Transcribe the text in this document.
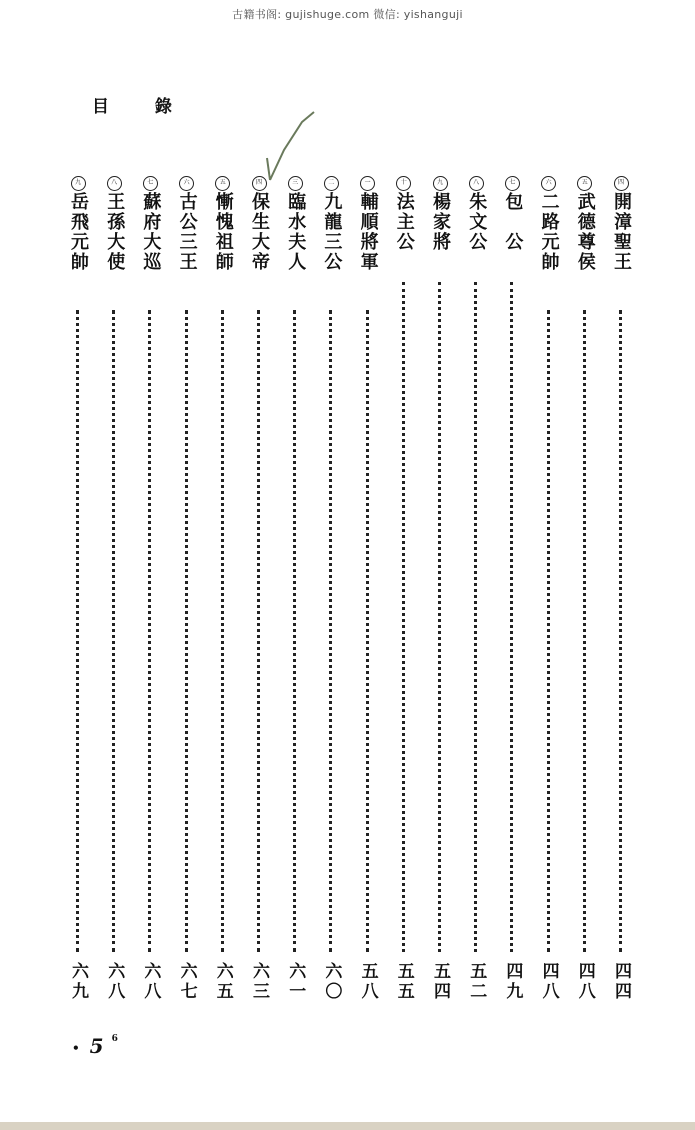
古籍书阁: gujishuge.com 微信: yishanguji
目 錄
四
開漳聖王
四四
五
武德尊侯
四八
六
二路元帥
四八
七
包　公
四九
八
朱文公
五二
九
楊家將
五四
十
法主公
五五
一
輔順將軍
五八
二
九龍三公
六〇
三
臨水夫人
六一
四
保生大帝
六三
五
慚愧祖師
六五
六
古公三王
六七
七
蘇府大巡
六八
八
王孫大使
六八
九
岳飛元帥
六九
• 5 $^6$
